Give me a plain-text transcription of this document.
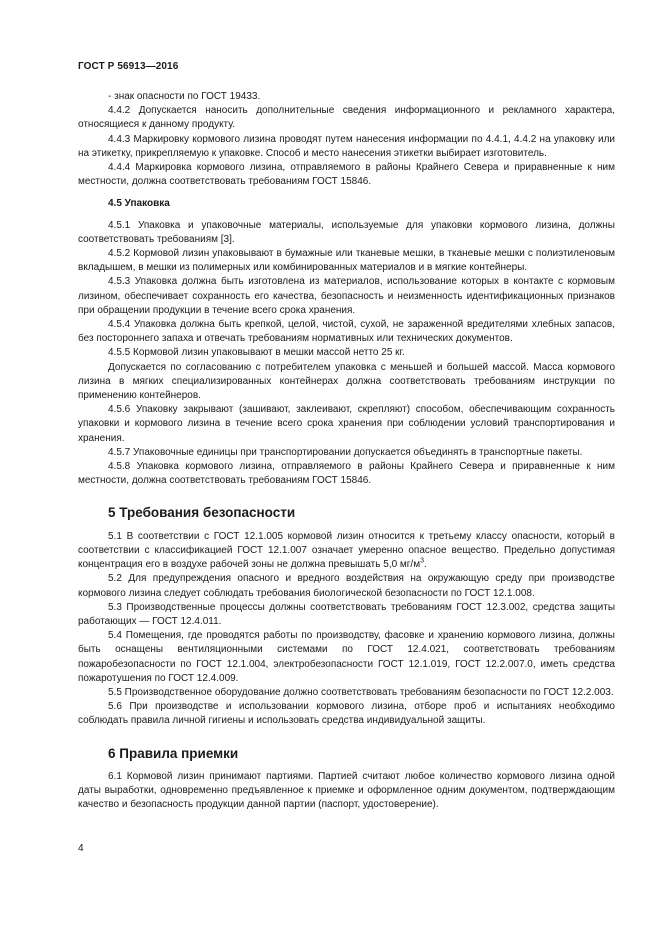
ГОСТ Р 56913—2016

- знак опасности по ГОСТ 19433.

4.4.2 Допускается наносить дополнительные сведения информационного и рекламного характера, относящиеся к данному продукту.

4.4.3 Маркировку кормового лизина проводят путем нанесения информации по 4.4.1, 4.4.2 на упаковку или на этикетку, прикрепляемую к упаковке. Способ и место нанесения этикетки выбирает изготовитель.

4.4.4 Маркировка кормового лизина, отправляемого в районы Крайнего Севера и приравненные к ним местности, должна соответствовать требованиям ГОСТ 15846.

4.5 Упаковка

4.5.1 Упаковка и упаковочные материалы, используемые для упаковки кормового лизина, должны соответствовать требованиям [3].

4.5.2 Кормовой лизин упаковывают в бумажные или тканевые мешки, в тканевые мешки с полиэтиленовым вкладышем, в мешки из полимерных или комбинированных материалов и в мягкие контейнеры.

4.5.3 Упаковка должна быть изготовлена из материалов, использование которых в контакте с кормовым лизином, обеспечивает сохранность его качества, безопасность и неизменность идентификационных признаков при обращении продукции в течение всего срока хранения.

4.5.4 Упаковка должна быть крепкой, целой, чистой, сухой, не зараженной вредителями хлебных запасов, без постороннего запаха и отвечать требованиям нормативных или технических документов.

4.5.5 Кормовой лизин упаковывают в мешки массой нетто 25 кг.

Допускается по согласованию с потребителем упаковка с меньшей и большей массой. Масса кормового лизина в мягких специализированных контейнерах должна соответствовать требованиям инструкции по применению контейнеров.

4.5.6 Упаковку закрывают (зашивают, заклеивают, скрепляют) способом, обеспечивающим сохранность упаковки и кормового лизина в течение всего срока хранения при соблюдении условий транспортирования и хранения.

4.5.7 Упаковочные единицы при транспортировании допускается объединять в транспортные пакеты.

4.5.8 Упаковка кормового лизина, отправляемого в районы Крайнего Севера и приравненные к ним местности, должна соответствовать требованиям ГОСТ 15846.

5 Требования безопасности

5.1 В соответствии с ГОСТ 12.1.005 кормовой лизин относится к третьему классу опасности, который в соответствии с классификацией ГОСТ 12.1.007 означает умеренно опасное вещество. Предельно допустимая концентрация его в воздухе рабочей зоны не должна превышать 5,0 $мг/м^3$.

5.2 Для предупреждения опасного и вредного воздействия на окружающую среду при производстве кормового лизина следует соблюдать требования биологической безопасности по ГОСТ 12.1.008.

5.3 Производственные процессы должны соответствовать требованиям ГОСТ 12.3.002, средства защиты работающих — ГОСТ 12.4.011.

5.4 Помещения, где проводятся работы по производству, фасовке и хранению кормового лизина, должны быть оснащены вентиляционными системами по ГОСТ 12.4.021, соответствовать требованиям пожаробезопасности по ГОСТ 12.1.004, электробезопасности ГОСТ 12.1.019, ГОСТ 12.2.007.0, иметь средства пожаротушения по ГОСТ 12.4.009.

5.5 Производственное оборудование должно соответствовать требованиям безопасности по ГОСТ 12.2.003.

5.6 При производстве и использовании кормового лизина, отборе проб и испытаниях необходимо соблюдать правила личной гигиены и использовать средства индивидуальной защиты.

6 Правила приемки

6.1 Кормовой лизин принимают партиями. Партией считают любое количество кормового лизина одной даты выработки, одновременно предъявленное к приемке и оформленное одним документом, подтверждающим качество и безопасность продукции данной партии (паспорт, удостоверение).

4
